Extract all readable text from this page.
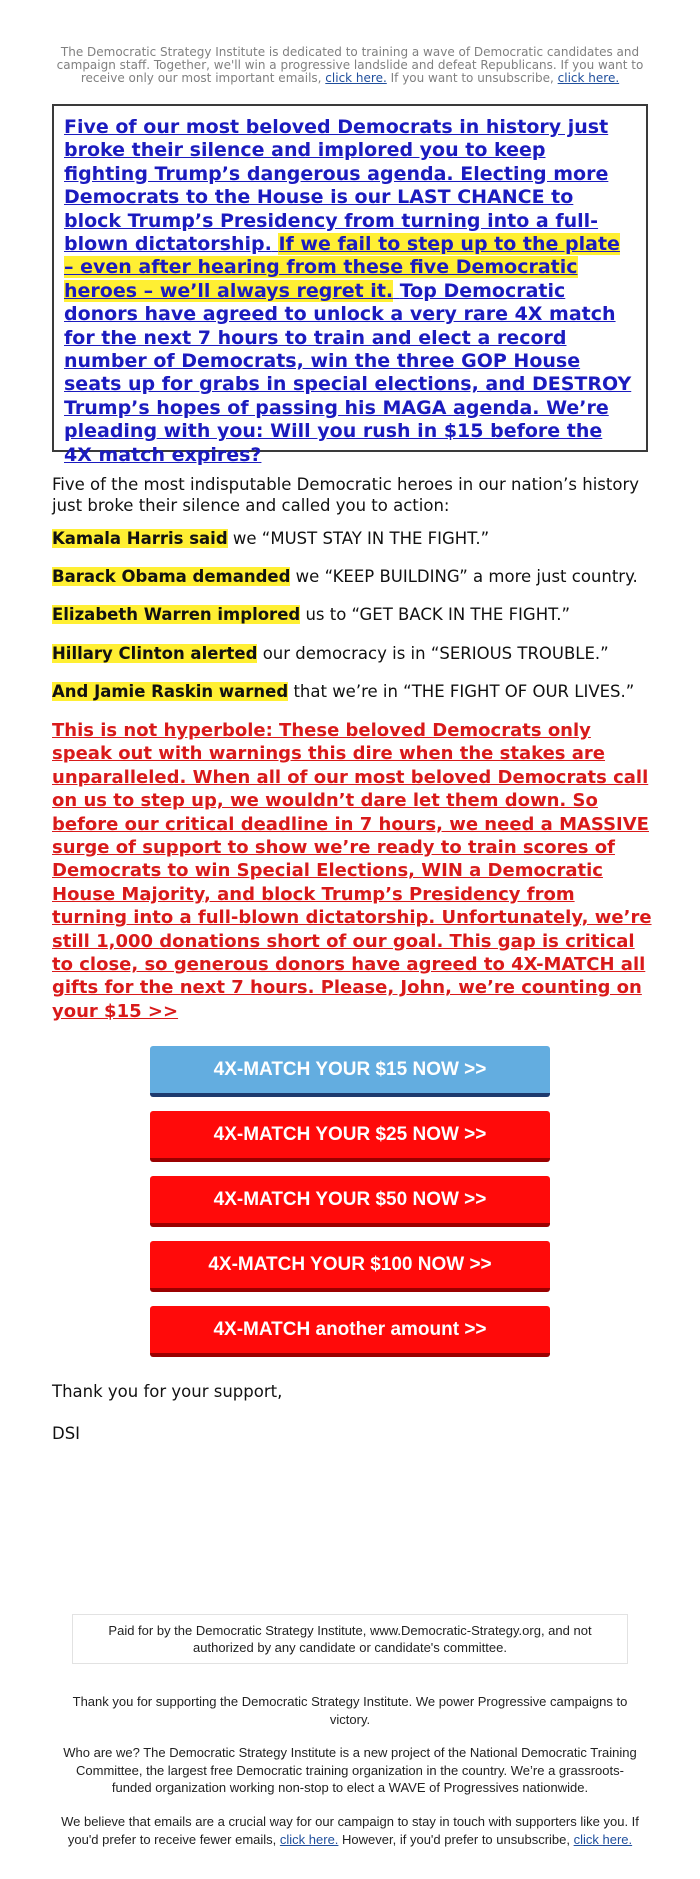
The Democratic Strategy Institute is dedicated to training a wave of Democratic candidates and campaign staff. Together, we'll win a progressive landslide and defeat Republicans. If you want to receive only our most important emails, click here. If you want to unsubscribe, click here.
Five of our most beloved Democrats in history just broke their silence and implored you to keep fighting Trump’s dangerous agenda. Electing more Democrats to the House is our LAST CHANCE to block Trump’s Presidency from turning into a full-blown dictatorship. If we fail to step up to the plate – even after hearing from these five Democratic heroes – we’ll always regret it. Top Democratic donors have agreed to unlock a very rare 4X match for the next 7 hours to train and elect a record number of Democrats, win the three GOP House seats up for grabs in special elections, and DESTROY Trump’s hopes of passing his MAGA agenda. We’re pleading with you: Will you rush in $15 before the 4X match expires?
Five of the most indisputable Democratic heroes in our nation’s history just broke their silence and called you to action:
Kamala Harris said we “MUST STAY IN THE FIGHT.”
Barack Obama demanded we “KEEP BUILDING” a more just country.
Elizabeth Warren implored us to “GET BACK IN THE FIGHT.”
Hillary Clinton alerted our democracy is in “SERIOUS TROUBLE.”
And Jamie Raskin warned that we’re in “THE FIGHT OF OUR LIVES.”
This is not hyperbole: These beloved Democrats only speak out with warnings this dire when the stakes are unparalleled. When all of our most beloved Democrats call on us to step up, we wouldn’t dare let them down. So before our critical deadline in 7 hours, we need a MASSIVE surge of support to show we’re ready to train scores of Democrats to win Special Elections, WIN a Democratic House Majority, and block Trump’s Presidency from turning into a full-blown dictatorship. Unfortunately, we’re still 1,000 donations short of our goal. This gap is critical to close, so generous donors have agreed to 4X-MATCH all gifts for the next 7 hours. Please, John, we’re counting on your $15 >>
4X-MATCH YOUR $15 NOW >>
4X-MATCH YOUR $25 NOW >>
4X-MATCH YOUR $50 NOW >>
4X-MATCH YOUR $100 NOW >>
4X-MATCH another amount >>
Thank you for your support,
DSI
Paid for by the Democratic Strategy Institute, www.Democratic-Strategy.org, and not authorized by any candidate or candidate's committee.
Thank you for supporting the Democratic Strategy Institute. We power Progressive campaigns to victory.
Who are we? The Democratic Strategy Institute is a new project of the National Democratic Training Committee, the largest free Democratic training organization in the country. We’re a grassroots-funded organization working non-stop to elect a WAVE of Progressives nationwide.
We believe that emails are a crucial way for our campaign to stay in touch with supporters like you. If you'd prefer to receive fewer emails, click here. However, if you'd prefer to unsubscribe, click here.
